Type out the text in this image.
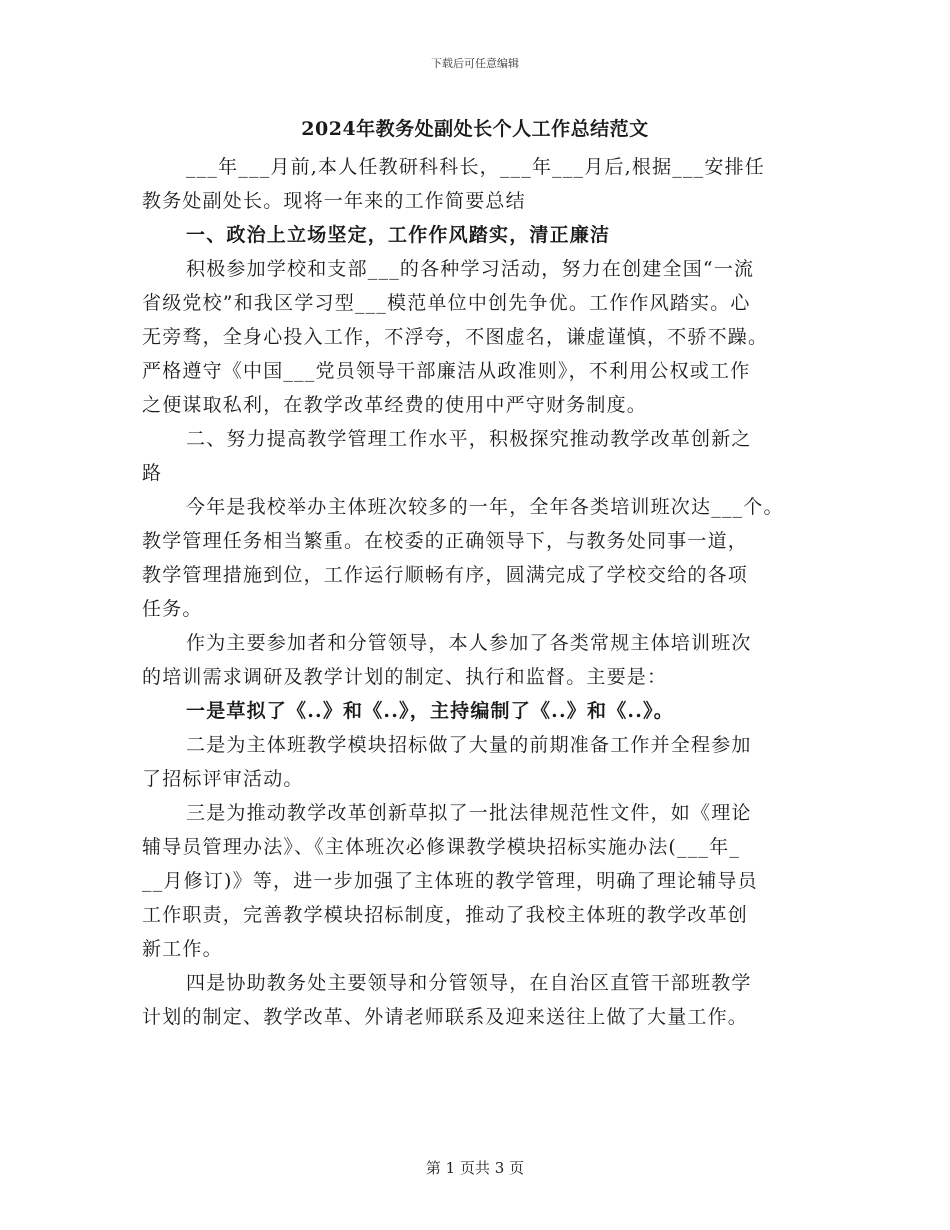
下载后可任意编辑
2024年教务处副处长个人工作总结范文
___年___月前,本人任教研科科长，___年___月后,根据___安排任
教务处副处长。现将一年来的工作简要总结
一、政治上立场坚定，工作作风踏实，清正廉洁
积极参加学校和支部___的各种学习活动，努力在创建全国“一流
省级党校”和我区学习型___模范单位中创先争优。工作作风踏实。心
无旁骛，全身心投入工作，不浮夸，不图虚名，谦虚谨慎，不骄不躁。
严格遵守《中国___党员领导干部廉洁从政准则》，不利用公权或工作
之便谋取私利，在教学改革经费的使用中严守财务制度。
二、努力提高教学管理工作水平，积极探究推动教学改革创新之
路
今年是我校举办主体班次较多的一年，全年各类培训班次达___个。
教学管理任务相当繁重。在校委的正确领导下，与教务处同事一道，
教学管理措施到位，工作运行顺畅有序，圆满完成了学校交给的各项
任务。
作为主要参加者和分管领导，本人参加了各类常规主体培训班次
的培训需求调研及教学计划的制定、执行和监督。主要是：
一是草拟了《..》和《..》，主持编制了《..》和《..》。
二是为主体班教学模块招标做了大量的前期准备工作并全程参加
了招标评审活动。
三是为推动教学改革创新草拟了一批法律规范性文件，如《理论
辅导员管理办法》、《主体班次必修课教学模块招标实施办法(___年_
__月修订)》等，进一步加强了主体班的教学管理，明确了理论辅导员
工作职责，完善教学模块招标制度，推动了我校主体班的教学改革创
新工作。
四是协助教务处主要领导和分管领导，在自治区直管干部班教学
计划的制定、教学改革、外请老师联系及迎来送往上做了大量工作。
第 1 页共 3 页
